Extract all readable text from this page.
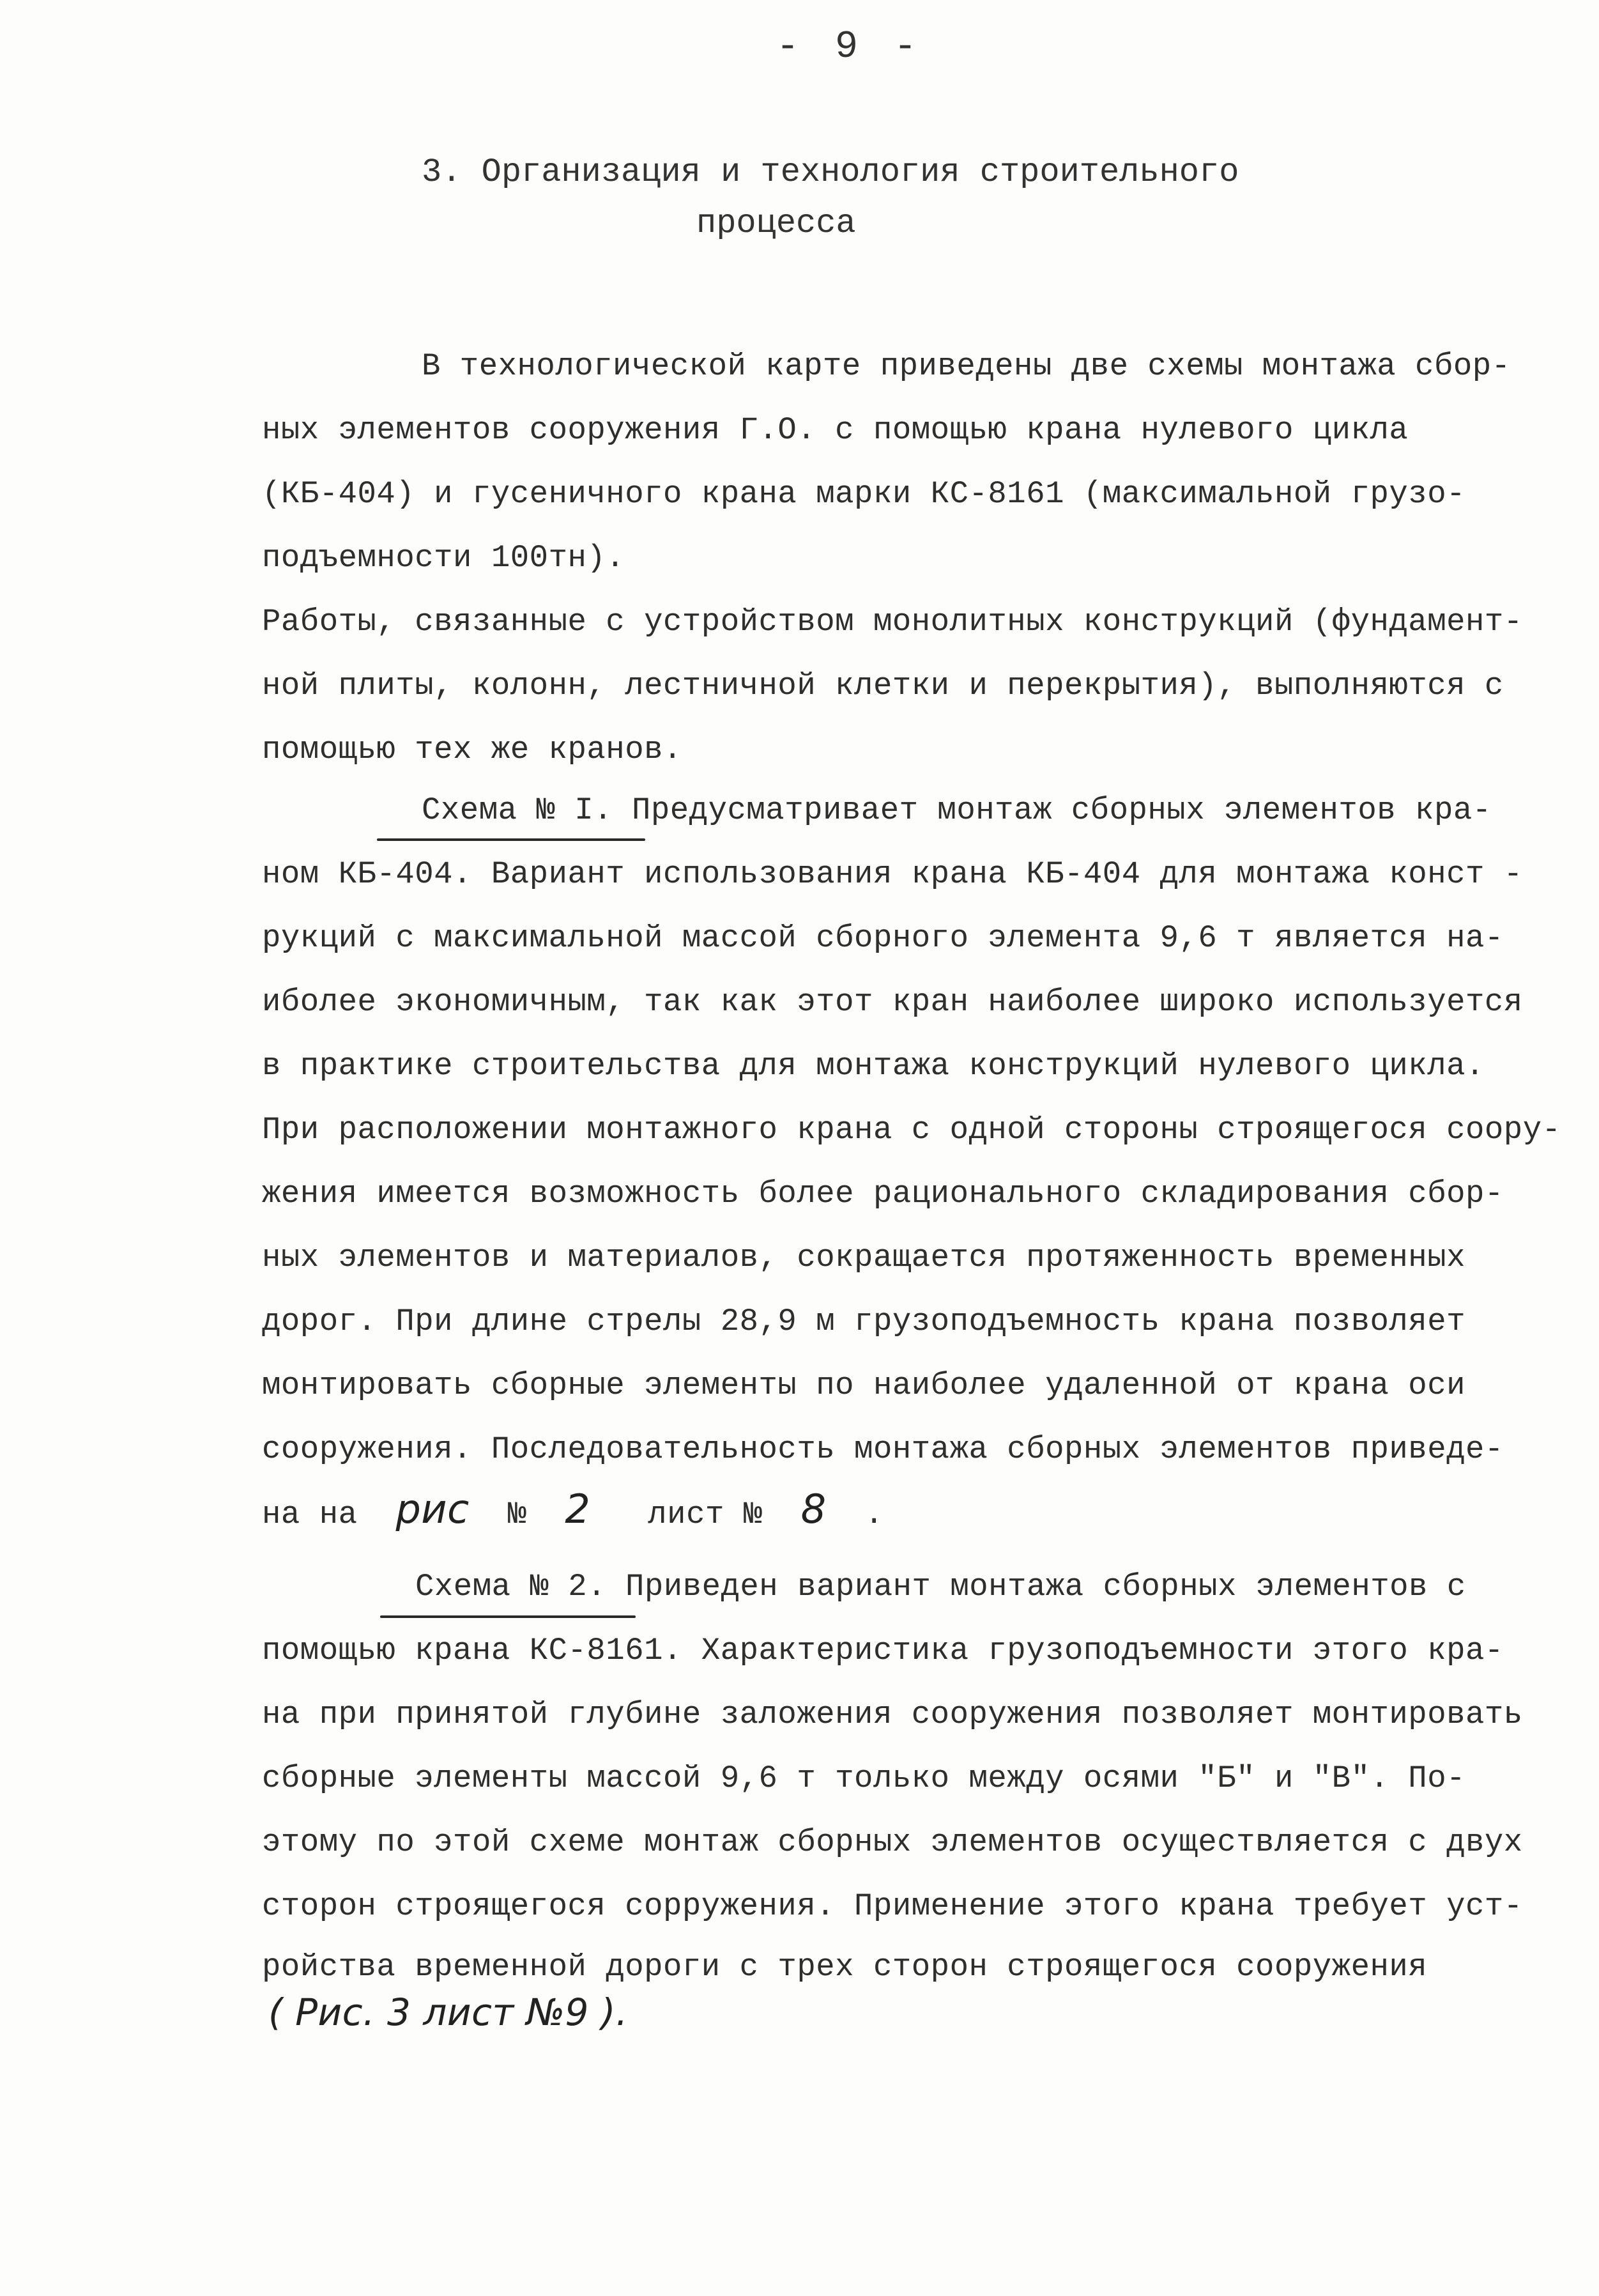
- 9 -
3. Организация и технология строительного
процесса
В технологической карте приведены две схемы монтажа сбор-
ных элементов сооружения Г.О. с помощью крана нулевого цикла
(КБ-404) и гусеничного крана марки КС-8161 (максимальной грузо-
подъемности 100тн).
Работы, связанные с устройством монолитных конструкций (фундамент-
ной плиты, колонн, лестничной клетки и перекрытия), выполняются с
помощью тех же кранов.
Схема № I. Предусматривает монтаж сборных элементов кра-
ном КБ-404. Вариант использования крана КБ-404 для монтажа конст -
рукций с максимальной массой сборного элемента 9,6 т является на-
иболее экономичным, так как этот кран наиболее широко используется
в практике строительства для монтажа конструкций нулевого цикла.
При расположении монтажного крана с одной стороны строящегося соору-
жения имеется возможность более рационального складирования сбор-
ных элементов и материалов, сокращается протяженность временных
дорог. При длине стрелы 28,9 м грузоподъемность крана позволяет
монтировать сборные элементы по наиболее удаленной от крана оси
сооружения. Последовательность монтажа сборных элементов приведе-
на на рис № 2 лист № 8 .
Схема № 2. Приведен вариант монтажа сборных элементов с
помощью крана КС-8161. Характеристика грузоподъемности этого кра-
на при принятой глубине заложения сооружения позволяет монтировать
сборные элементы массой 9,6 т только между осями "Б" и "В". По-
этому по этой схеме монтаж сборных элементов осуществляется с двух
сторон строящегося сорружения. Применение этого крана требует уст-
ройства временной дороги с трех сторон строящегося сооружения
( Рис. 3 лист №9 ).
